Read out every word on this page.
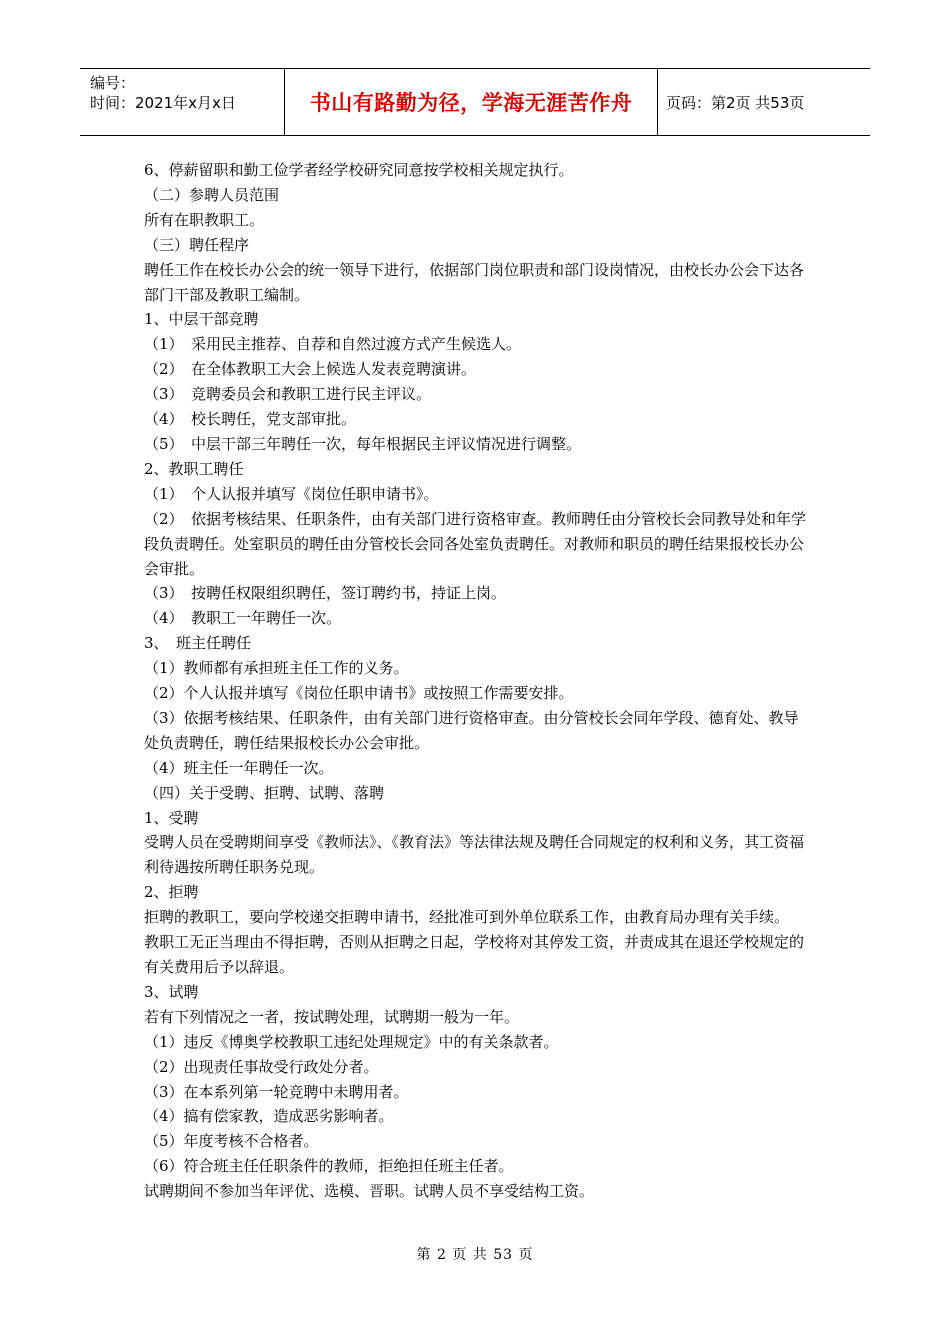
编号：
时间：2021年x月x日	书山有路勤为径，学海无涯苦作舟 页码：第2页 共53页

6、停薪留职和勤工俭学者经学校研究同意按学校相关规定执行。

（二）参聘人员范围

所有在职教职工。

（三）聘任程序

聘任工作在校长办公会的统一领导下进行，依据部门岗位职责和部门设岗情况，由校长办公会下达各部门干部及教职工编制。

1、中层干部竞聘

（1）　采用民主推荐、自荐和自然过渡方式产生候选人。

（2）　在全体教职工大会上候选人发表竞聘演讲。

（3）　竞聘委员会和教职工进行民主评议。

（4）　校长聘任，党支部审批。

（5）　中层干部三年聘任一次，每年根据民主评议情况进行调整。

2、教职工聘任

（1）　个人认报并填写《岗位任职申请书》。

（2）　依据考核结果、任职条件，由有关部门进行资格审查。教师聘任由分管校长会同教导处和年学段负责聘任。处室职员的聘任由分管校长会同各处室负责聘任。对教师和职员的聘任结果报校长办公会审批。

（3）　按聘任权限组织聘任，签订聘约书，持证上岗。

（4）　教职工一年聘任一次。

3、　班主任聘任

（1）教师都有承担班主任工作的义务。

（2）个人认报并填写《岗位任职申请书》或按照工作需要安排。

（3）依据考核结果、任职条件，由有关部门进行资格审查。由分管校长会同年学段、德育处、教导处负责聘任，聘任结果报校长办公会审批。

（4）班主任一年聘任一次。

（四）关于受聘、拒聘、试聘、落聘

1、受聘

受聘人员在受聘期间享受《教师法》、《教育法》等法律法规及聘任合同规定的权利和义务，其工资福利待遇按所聘任职务兑现。

2、拒聘

拒聘的教职工，要向学校递交拒聘申请书，经批准可到外单位联系工作，由教育局办理有关手续。

教职工无正当理由不得拒聘，否则从拒聘之日起，学校将对其停发工资，并责成其在退还学校规定的有关费用后予以辞退。

3、试聘

若有下列情况之一者，按试聘处理，试聘期一般为一年。

（1）违反《博奥学校教职工违纪处理规定》中的有关条款者。

（2）出现责任事故受行政处分者。

（3）在本系列第一轮竞聘中未聘用者。

（4）搞有偿家教，造成恶劣影响者。

（5）年度考核不合格者。

（6）符合班主任任职条件的教师，拒绝担任班主任者。

试聘期间不参加当年评优、选模、晋职。试聘人员不享受结构工资。

第 2 页 共 53 页
